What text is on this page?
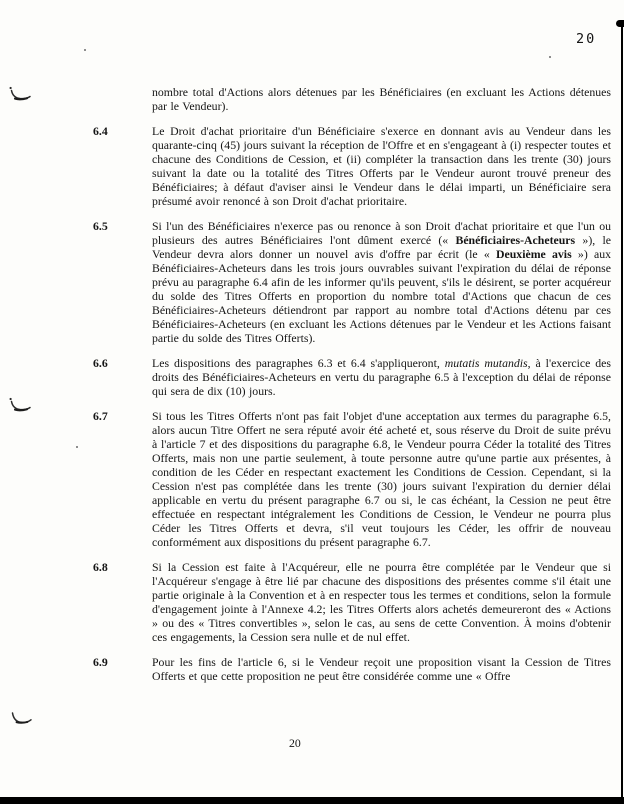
20
nombre total d'Actions alors détenues par les Bénéficiaires (en excluant les Actions détenues par le Vendeur).
6.4	Le Droit d'achat prioritaire d'un Bénéficiaire s'exerce en donnant avis au Vendeur dans les quarante-cinq (45) jours suivant la réception de l'Offre et en s'engageant à (i) respecter toutes et chacune des Conditions de Cession, et (ii) compléter la transaction dans les trente (30) jours suivant la date ou la totalité des Titres Offerts par le Vendeur auront trouvé preneur des Bénéficiaires; à défaut d'aviser ainsi le Vendeur dans le délai imparti, un Bénéficiaire sera présumé avoir renoncé à son Droit d'achat prioritaire.
6.5	Si l'un des Bénéficiaires n'exerce pas ou renonce à son Droit d'achat prioritaire et que l'un ou plusieurs des autres Bénéficiaires l'ont dûment exercé (« Bénéficiaires-Acheteurs »), le Vendeur devra alors donner un nouvel avis d'offre par écrit (le « Deuxième avis ») aux Bénéficiaires-Acheteurs dans les trois jours ouvrables suivant l'expiration du délai de réponse prévu au paragraphe 6.4 afin de les informer qu'ils peuvent, s'ils le désirent, se porter acquéreur du solde des Titres Offerts en proportion du nombre total d'Actions que chacun de ces Bénéficiaires-Acheteurs détiendront par rapport au nombre total d'Actions détenu par ces Bénéficiaires-Acheteurs (en excluant les Actions détenues par le Vendeur et les Actions faisant partie du solde des Titres Offerts).
6.6	Les dispositions des paragraphes 6.3 et 6.4 s'appliqueront, mutatis mutandis, à l'exercice des droits des Bénéficiaires-Acheteurs en vertu du paragraphe 6.5 à l'exception du délai de réponse qui sera de dix (10) jours.
6.7	Si tous les Titres Offerts n'ont pas fait l'objet d'une acceptation aux termes du paragraphe 6.5, alors aucun Titre Offert ne sera réputé avoir été acheté et, sous réserve du Droit de suite prévu à l'article 7 et des dispositions du paragraphe 6.8, le Vendeur pourra Céder la totalité des Titres Offerts, mais non une partie seulement, à toute personne autre qu'une partie aux présentes, à condition de les Céder en respectant exactement les Conditions de Cession. Cependant, si la Cession n'est pas complétée dans les trente (30) jours suivant l'expiration du dernier délai applicable en vertu du présent paragraphe 6.7 ou si, le cas échéant, la Cession ne peut être effectuée en respectant intégralement les Conditions de Cession, le Vendeur ne pourra plus Céder les Titres Offerts et devra, s'il veut toujours les Céder, les offrir de nouveau conformément aux dispositions du présent paragraphe 6.7.
6.8	Si la Cession est faite à l'Acquéreur, elle ne pourra être complétée par le Vendeur que si l'Acquéreur s'engage à être lié par chacune des dispositions des présentes comme s'il était une partie originale à la Convention et à en respecter tous les termes et conditions, selon la formule d'engagement jointe à l'Annexe 4.2; les Titres Offerts alors achetés demeureront des « Actions » ou des « Titres convertibles », selon le cas, au sens de cette Convention. À moins d'obtenir ces engagements, la Cession sera nulle et de nul effet.
6.9	Pour les fins de l'article 6, si le Vendeur reçoit une proposition visant la Cession de Titres Offerts et que cette proposition ne peut être considérée comme une « Offre
20
